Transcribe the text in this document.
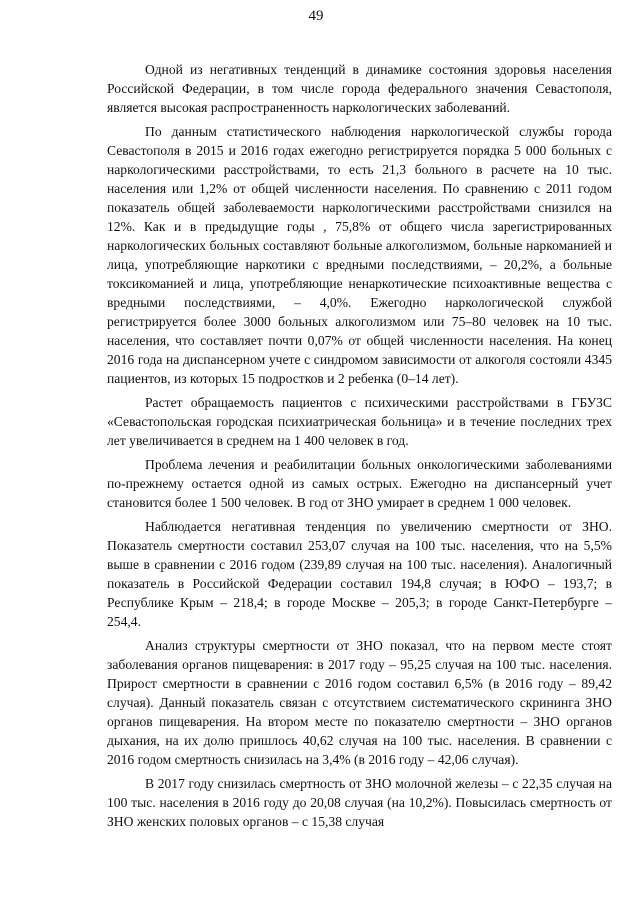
49

Одной из негативных тенденций в динамике состояния здоровья населения Российской Федерации, в том числе города федерального значения Севастополя, является высокая распространенность наркологических заболеваний.

По данным статистического наблюдения наркологической службы города Севастополя в 2015 и 2016 годах ежегодно регистрируется порядка 5 000 больных с наркологическими расстройствами, то есть 21,3 больного в расчете на 10 тыс. населения или 1,2% от общей численности населения. По сравнению с 2011 годом показатель общей заболеваемости наркологическими расстройствами снизился на 12%. Как и в предыдущие годы , 75,8% от общего числа зарегистрированных наркологических больных составляют больные алкоголизмом, больные наркоманией и лица, употребляющие наркотики с вредными последствиями, – 20,2%, а больные токсикоманией и лица, употребляющие ненаркотические психоактивные вещества с вредными последствиями, – 4,0%. Ежегодно наркологической службой регистрируется более 3000 больных алкоголизмом или 75–80 человек на 10 тыс. населения, что составляет почти 0,07% от общей численности населения. На конец 2016 года на диспансерном учете с синдромом зависимости от алкоголя состояли 4345 пациентов, из которых 15 подростков и 2 ребенка (0–14 лет).

Растет обращаемость пациентов с психическими расстройствами в ГБУЗС «Севастопольская городская психиатрическая больница» и в течение последних трех лет увеличивается в среднем на 1 400 человек в год.

Проблема лечения и реабилитации больных онкологическими заболеваниями по-прежнему остается одной из самых острых. Ежегодно на диспансерный учет становится более 1 500 человек. В год от ЗНО умирает в среднем 1 000 человек.

Наблюдается негативная тенденция по увеличению смертности от ЗНО. Показатель смертности составил 253,07 случая на 100 тыс. населения, что на 5,5% выше в сравнении с 2016 годом (239,89 случая на 100 тыс. населения). Аналогичный показатель в Российской Федерации составил 194,8 случая; в ЮФО – 193,7; в Республике Крым – 218,4; в городе Москве – 205,3; в городе Санкт-Петербурге – 254,4.

Анализ структуры смертности от ЗНО показал, что на первом месте стоят заболевания органов пищеварения: в 2017 году – 95,25 случая на 100 тыс. населения. Прирост смертности в сравнении с 2016 годом составил 6,5% (в 2016 году – 89,42 случая). Данный показатель связан с отсутствием систематического скрининга ЗНО органов пищеварения. На втором месте по показателю смертности – ЗНО органов дыхания, на их долю пришлось 40,62 случая на 100 тыс. населения. В сравнении с 2016 годом смертность снизилась на 3,4% (в 2016 году – 42,06 случая).

В 2017 году снизилась смертность от ЗНО молочной железы – с 22,35 случая на 100 тыс. населения в 2016 году до 20,08 случая (на 10,2%). Повысилась смертность от ЗНО женских половых органов – с 15,38 случая
